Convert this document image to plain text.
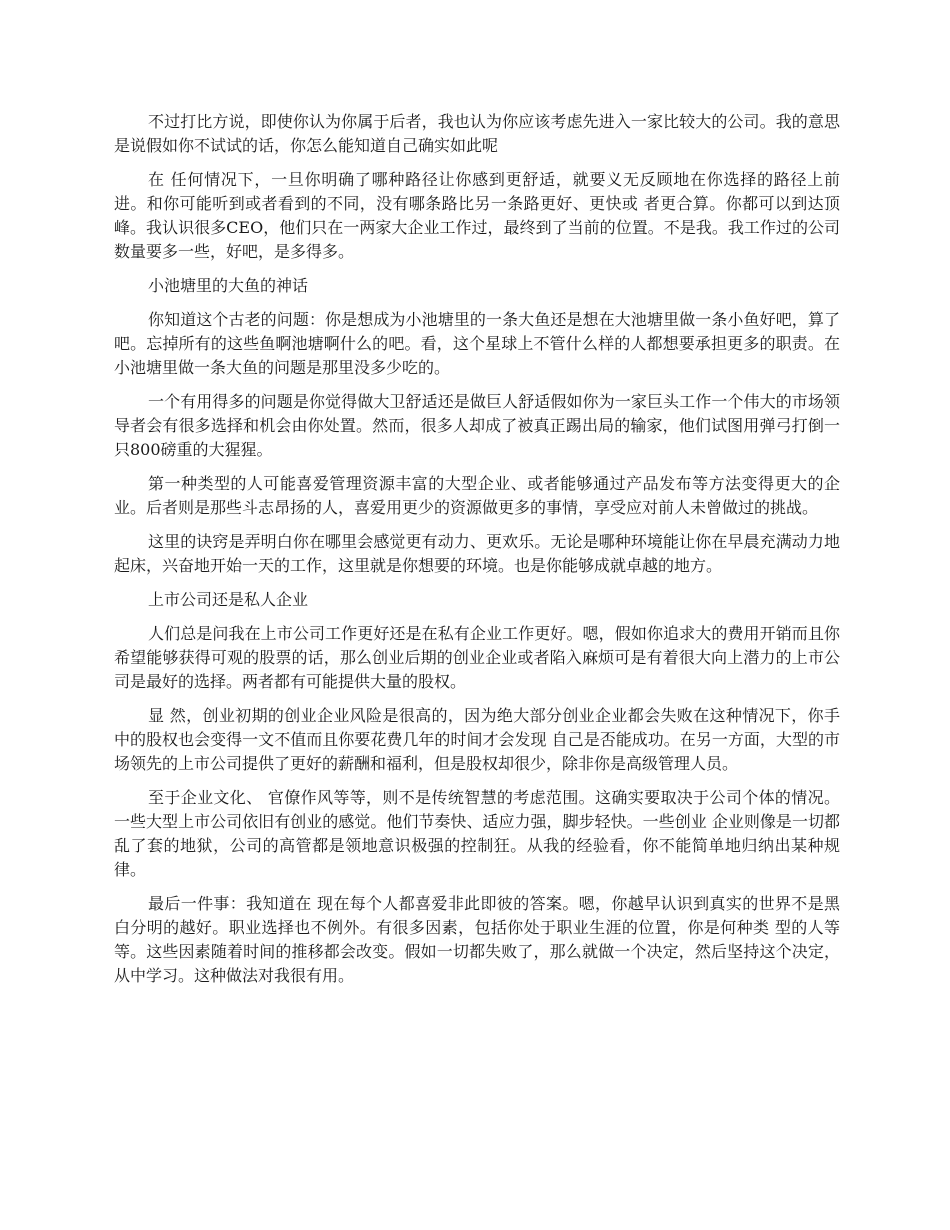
不过打比方说，即使你认为你属于后者，我也认为你应该考虑先进入一家比较大的公司。我的意思是说假如你不试试的话，你怎么能知道自己确实如此呢

在 任何情况下，一旦你明确了哪种路径让你感到更舒适，就要义无反顾地在你选择的路径上前进。和你可能听到或者看到的不同，没有哪条路比另一条路更好、更快或 者更合算。你都可以到达顶峰。我认识很多CEO，他们只在一两家大企业工作过，最终到了当前的位置。不是我。我工作过的公司数量要多一些，好吧，是多得多。

小池塘里的大鱼的神话

你知道这个古老的问题：你是想成为小池塘里的一条大鱼还是想在大池塘里做一条小鱼好吧，算了吧。忘掉所有的这些鱼啊池塘啊什么的吧。看，这个星球上不管什么样的人都想要承担更多的职责。在小池塘里做一条大鱼的问题是那里没多少吃的。

一个有用得多的问题是你觉得做大卫舒适还是做巨人舒适假如你为一家巨头工作一个伟大的市场领导者会有很多选择和机会由你处置。然而，很多人却成了被真正踢出局的输家，他们试图用弹弓打倒一只800磅重的大猩猩。

第一种类型的人可能喜爱管理资源丰富的大型企业、或者能够通过产品发布等方法变得更大的企业。后者则是那些斗志昂扬的人，喜爱用更少的资源做更多的事情，享受应对前人未曾做过的挑战。

这里的诀窍是弄明白你在哪里会感觉更有动力、更欢乐。无论是哪种环境能让你在早晨充满动力地起床，兴奋地开始一天的工作，这里就是你想要的环境。也是你能够成就卓越的地方。

上市公司还是私人企业

人们总是问我在上市公司工作更好还是在私有企业工作更好。嗯，假如你追求大的费用开销而且你希望能够获得可观的股票的话，那么创业后期的创业企业或者陷入麻烦可是有着很大向上潜力的上市公司是最好的选择。两者都有可能提供大量的股权。

显 然，创业初期的创业企业风险是很高的，因为绝大部分创业企业都会失败在这种情况下，你手中的股权也会变得一文不值而且你要花费几年的时间才会发现 自己是否能成功。在另一方面，大型的市场领先的上市公司提供了更好的薪酬和福利，但是股权却很少，除非你是高级管理人员。

至于企业文化、 官僚作风等等，则不是传统智慧的考虑范围。这确实要取决于公司个体的情况。一些大型上市公司依旧有创业的感觉。他们节奏快、适应力强，脚步轻快。一些创业 企业则像是一切都乱了套的地狱，公司的高管都是领地意识极强的控制狂。从我的经验看，你不能简单地归纳出某种规律。

最后一件事：我知道在 现在每个人都喜爱非此即彼的答案。嗯，你越早认识到真实的世界不是黑白分明的越好。职业选择也不例外。有很多因素，包括你处于职业生涯的位置，你是何种类 型的人等等。这些因素随着时间的推移都会改变。假如一切都失败了，那么就做一个决定，然后坚持这个决定，从中学习。这种做法对我很有用。
